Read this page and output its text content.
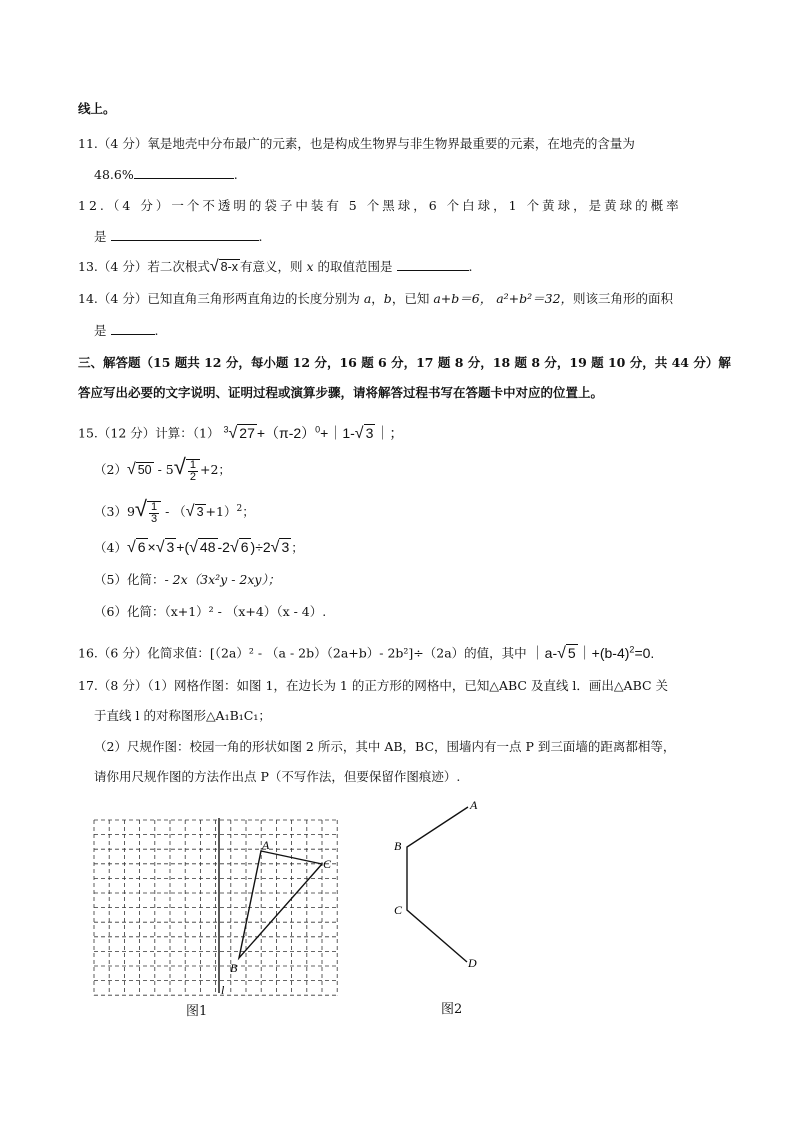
线上。
11.（4 分）氧是地壳中分布最广的元素，也是构成生物界与非生物界最重要的元素，在地壳的含量为
48.6%	.
12.（4 分）一个不透明的袋子中装有 5 个黑球，6 个白球，1 个黄球，是黄球的概率
是	.
13.（4 分）若二次根式√ 8-x 有意义，则 x 的取值范围是	.
14.（4 分）已知直角三角形两直角边的长度分别为 a，b，已知 a+b＝6， a²+b²＝32，则该三角形的面积
是	.
三、解答题（15 题共 12 分，每小题 12 分，16 题 6 分，17 题 8 分，18 题 8 分，19 题 10 分，共 44 分）解
答应写出必要的文字说明、证明过程或演算步骤，请将解答过程书写在答题卡中对应的位置上。
15.（12 分）计算：（1） $^3$√ $27 +(\pi-2)^0+|1-√$ 3 ｜；
（2）√ $50 - 5√ \frac{1}{2} +2$；
$(3)9√ \frac{1}{3}$ - （√ 3 +1）$^2$；
（4）√ 6 ×√ 3 +(√ 48 -2√ 6 )÷2√ 3 ；
（5）化简：- 2x（3x²y - 2xy）；
（6）化简：（x+1）² - （x+4）（x - 4）.
16.（6 分）化简求值：[（2a）² - （a - 2b）（2a+b）- 2b²]÷（2a）的值，其中 ｜a-√ 5 $|+(b-4)^2=0$.
17.（8 分）（1）网格作图：如图 1，在边长为 1 的正方形的网格中，已知△ABC 及直线 l．画出△ABC 关
于直线 l 的对称图形△A₁B₁C₁；
（2）尺规作图：校园一角的形状如图 2 所示，其中 AB，BC，围墙内有一点 P 到三面墙的距离都相等，
请你用尺规作图的方法作出点 P（不写作法，但要保留作图痕迹）.
A
C
B
l
图1
A
B
C
D
图2
